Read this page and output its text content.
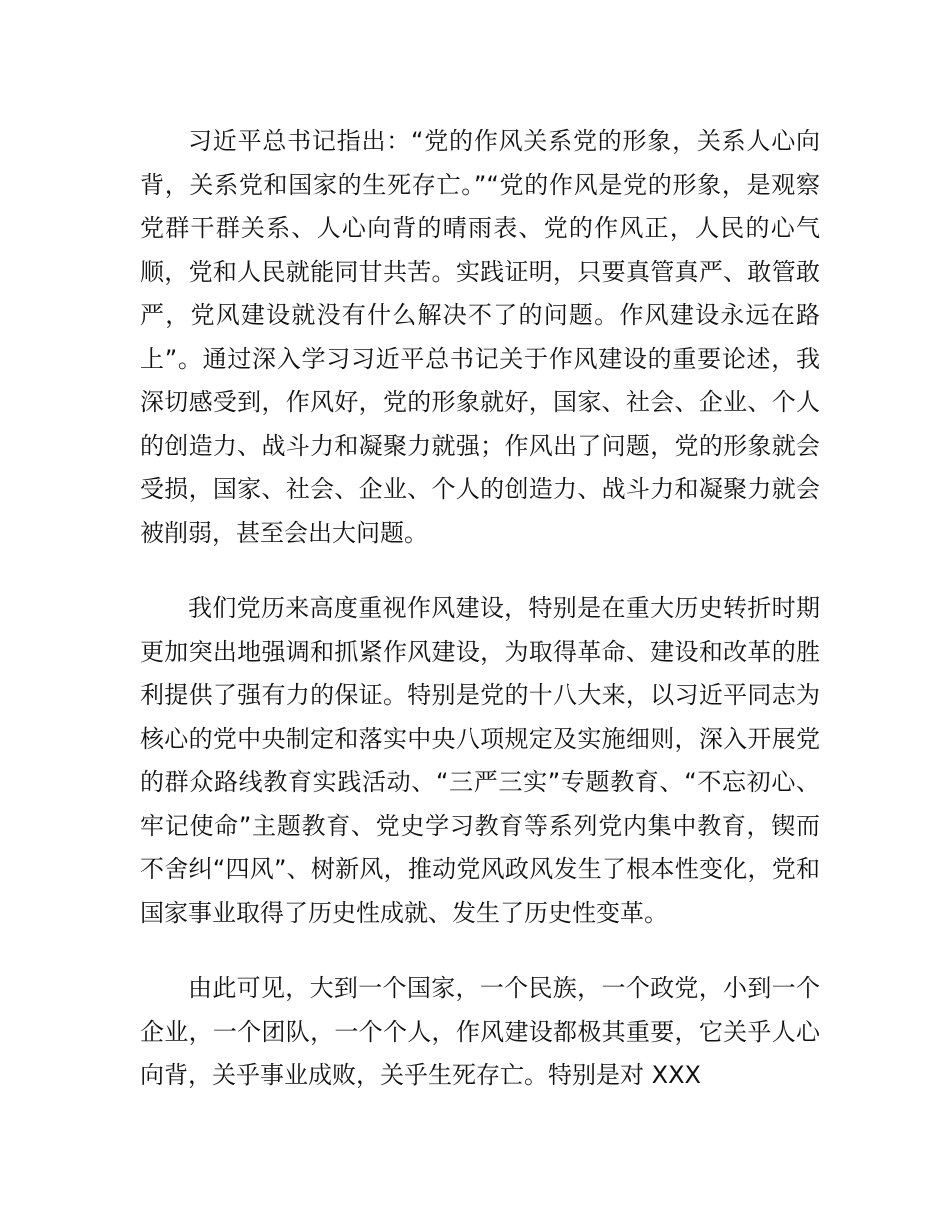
习近平总书记指出：“党的作风关系党的形象，关系人心向背，关系党和国家的生死存亡。”“党的作风是党的形象，是观察党群干群关系、人心向背的晴雨表、党的作风正，人民的心气顺，党和人民就能同甘共苦。实践证明，只要真管真严、敢管敢严，党风建设就没有什么解决不了的问题。作风建设永远在路上”。通过深入学习习近平总书记关于作风建设的重要论述，我深切感受到，作风好，党的形象就好，国家、社会、企业、个人的创造力、战斗力和凝聚力就强；作风出了问题，党的形象就会受损，国家、社会、企业、个人的创造力、战斗力和凝聚力就会被削弱，甚至会出大问题。

我们党历来高度重视作风建设，特别是在重大历史转折时期更加突出地强调和抓紧作风建设，为取得革命、建设和改革的胜利提供了强有力的保证。特别是党的十八大来，以习近平同志为核心的党中央制定和落实中央八项规定及实施细则，深入开展党的群众路线教育实践活动、“三严三实”专题教育、“不忘初心、牢记使命”主题教育、党史学习教育等系列党内集中教育，锲而不舍纠“四风”、树新风，推动党风政风发生了根本性变化，党和国家事业取得了历史性成就、发生了历史性变革。

由此可见，大到一个国家，一个民族，一个政党，小到一个企业，一个团队，一个个人，作风建设都极其重要，它关乎人心向背，关乎事业成败，关乎生死存亡。特别是对 XXX
